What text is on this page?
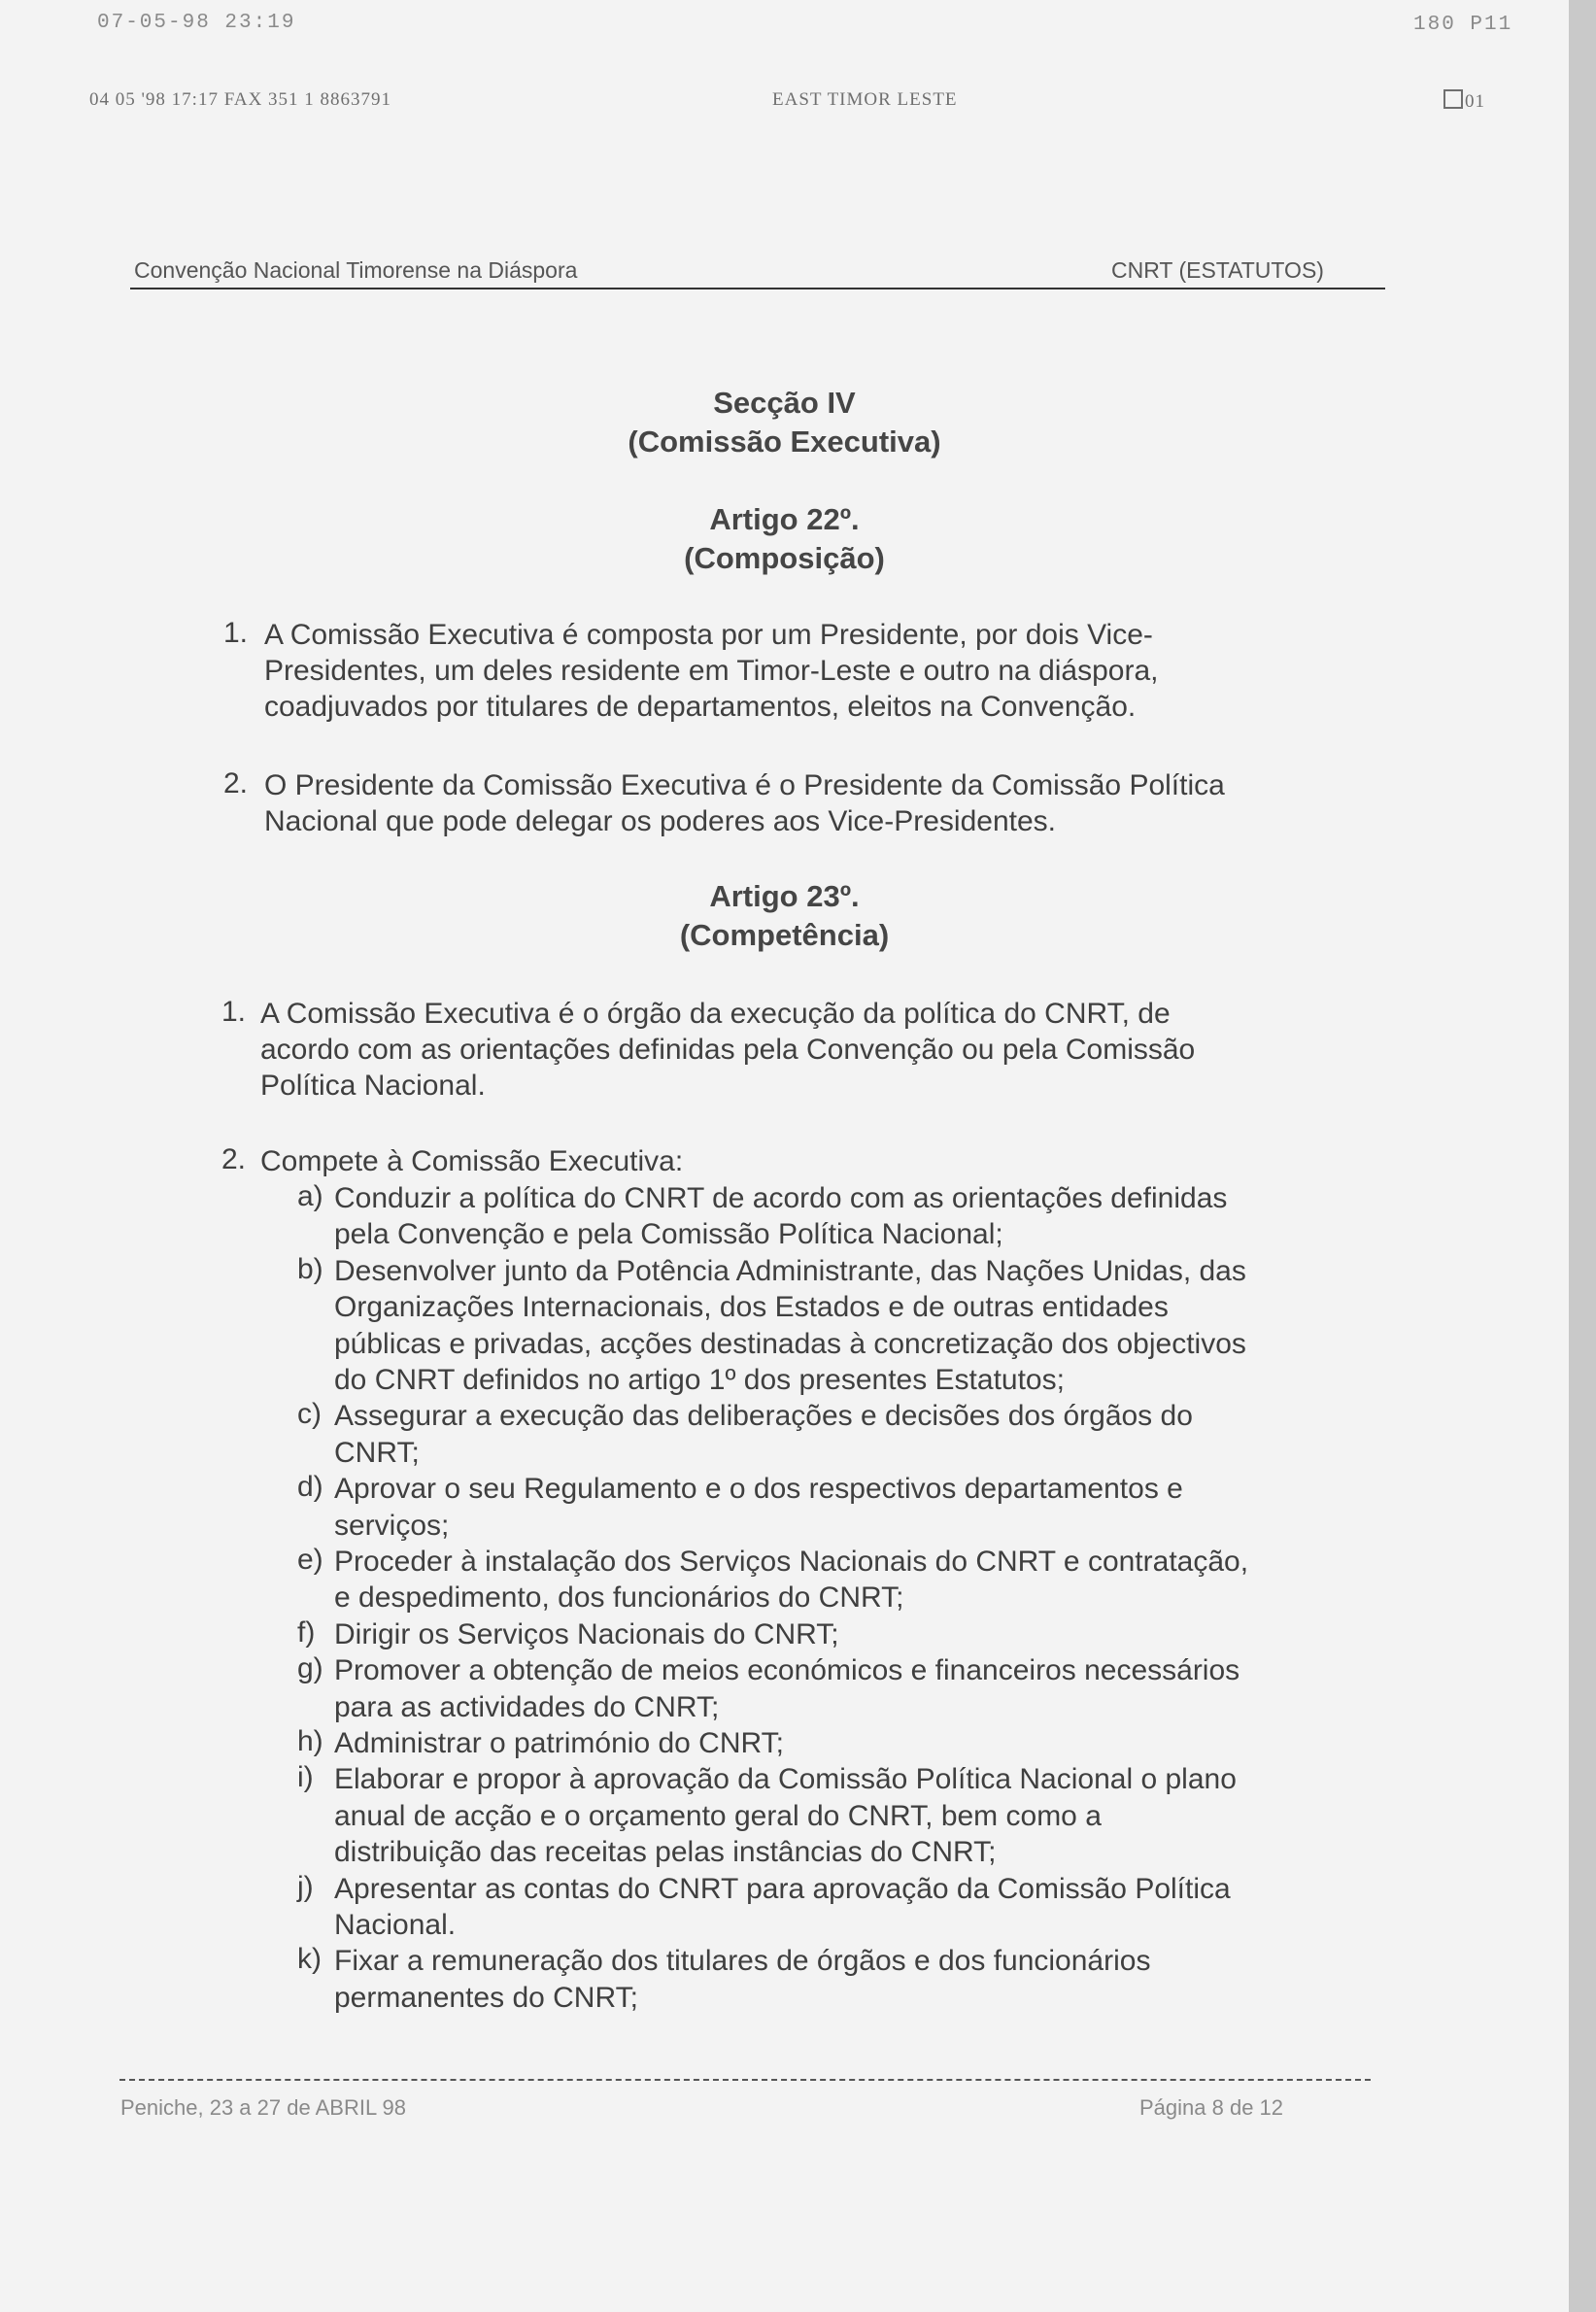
07-05-98 23:19	180 P11
04 05 '98 17:17 FAX 351 1 8863791	EAST TIMOR LESTE	01
Convenção Nacional Timorense na Diáspora	CNRT (ESTATUTOS)
Secção IV
(Comissão Executiva)
Artigo 22º.
(Composição)
1. A Comissão Executiva é composta por um Presidente, por dois Vice-
Presidentes, um deles residente em Timor-Leste e outro na diáspora,
coadjuvados por titulares de departamentos, eleitos na Convenção.
2. O Presidente da Comissão Executiva é o Presidente da Comissão Política
Nacional que pode delegar os poderes aos Vice-Presidentes.
Artigo 23º.
(Competência)
1. A Comissão Executiva é o órgão da execução da política do CNRT, de
acordo com as orientações definidas pela Convenção ou pela Comissão
Política Nacional.
2. Compete à Comissão Executiva:
a) Conduzir a política do CNRT de acordo com as orientações definidas
pela Convenção e pela Comissão Política Nacional;
b) Desenvolver junto da Potência Administrante, das Nações Unidas, das
Organizações Internacionais, dos Estados e de outras entidades
públicas e privadas, acções destinadas à concretização dos objectivos
do CNRT definidos no artigo 1º dos presentes Estatutos;
c) Assegurar a execução das deliberações e decisões dos órgãos do
CNRT;
d) Aprovar o seu Regulamento e o dos respectivos departamentos e
serviços;
e) Proceder à instalação dos Serviços Nacionais do CNRT e contratação,
e despedimento, dos funcionários do CNRT;
f) Dirigir os Serviços Nacionais do CNRT;
g) Promover a obtenção de meios económicos e financeiros necessários
para as actividades do CNRT;
h) Administrar o património do CNRT;
i) Elaborar e propor à aprovação da Comissão Política Nacional o plano
anual de acção e o orçamento geral do CNRT, bem como a
distribuição das receitas pelas instâncias do CNRT;
j) Apresentar as contas do CNRT para aprovação da Comissão Política
Nacional.
k) Fixar a remuneração dos titulares de órgãos e dos funcionários
permanentes do CNRT;
Peniche, 23 a 27 de ABRIL 98	Página 8 de 12
